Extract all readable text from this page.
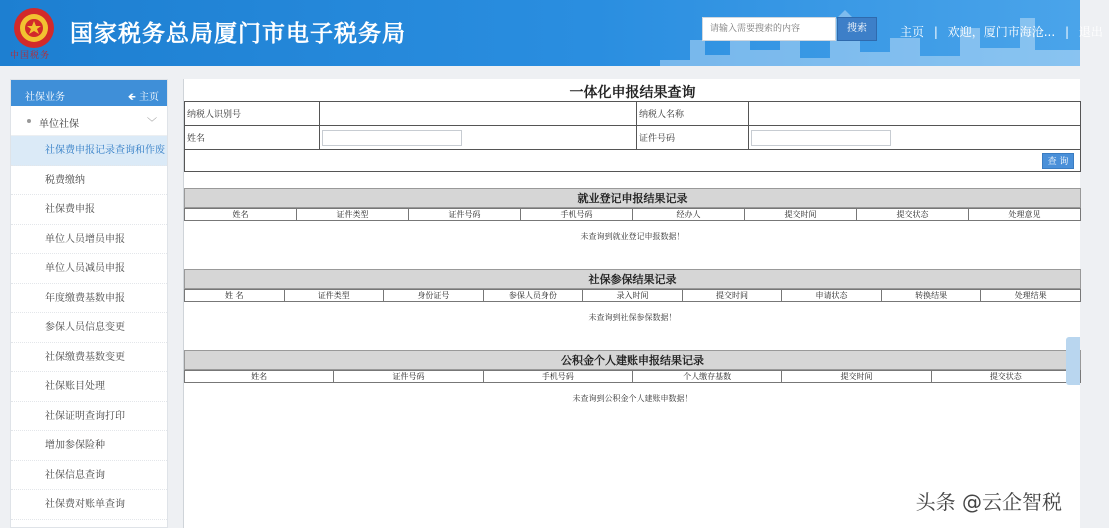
中国税务
国家税务总局厦门市电子税务局
请输入需要搜索的内容	搜索	主页 | 欢迎，厦门市海沧... | 退出
社保业务	🡸 主页
单位社保	﹀
社保费申报记录查询和作废
税费缴纳
社保费申报
单位人员增员申报
单位人员减员申报
年度缴费基数申报
参保人员信息变更
社保缴费基数变更
社保账目处理
社保证明查询打印
增加参保险种
社保信息查询
社保费对账单查询
一体化申报结果查询
纳税人识别号		纳税人名称	
姓名		证件号码	
查 询
就业登记申报结果记录
姓名	证件类型	证件号码	手机号码	经办人	提交时间	提交状态	处理意见
未查询到就业登记申报数据！
社保参保结果记录
姓 名	证件类型	身份证号	参保人员身份	录入时间	提交时间	申请状态	转换结果	处理结果
未查询到社保参保数据！
公积金个人建账申报结果记录
姓名	证件号码	手机号码	个人缴存基数	提交时间	提交状态
未查询到公积金个人建账申数据！
头条 @云企智税
